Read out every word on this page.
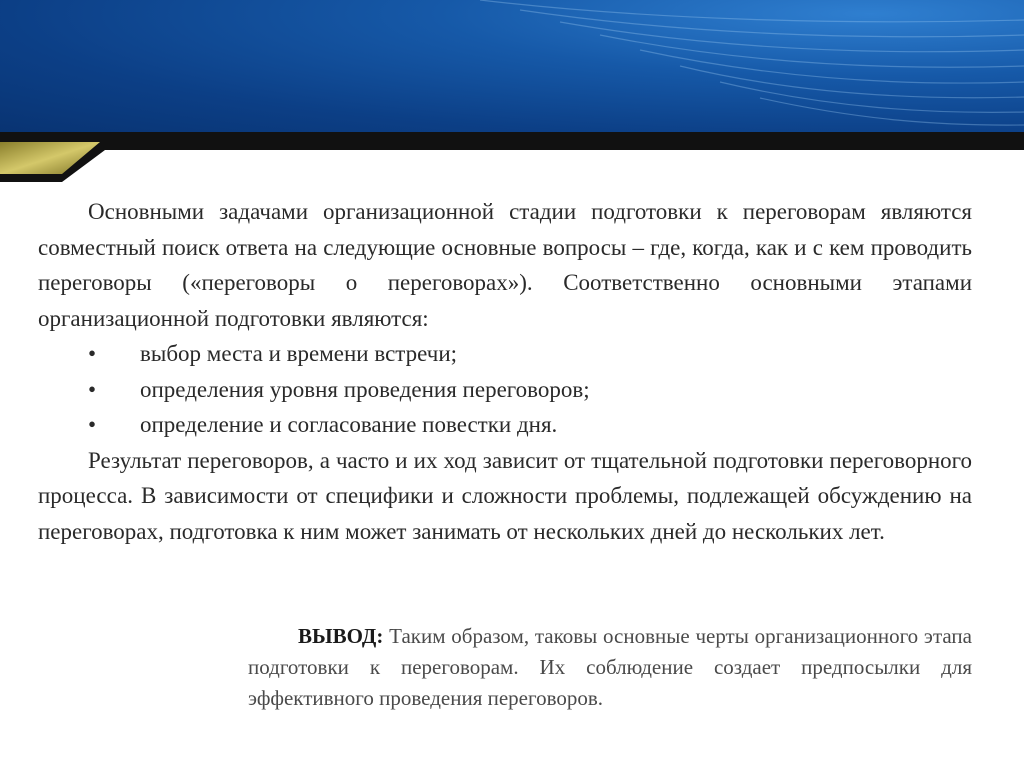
Основными задачами организационной стадии подготовки к переговорам являются совместный поиск ответа на следующие основные вопросы – где, когда, как и с кем проводить переговоры («переговоры о переговорах»). Соответственно основными этапами организационной подготовки являются:

•	выбор места и времени встречи;
•	определения уровня проведения переговоров;
•	определение и согласование повестки дня.

Результат переговоров, а часто и их ход зависит от тщательной подготовки переговорного процесса. В зависимости от специфики и сложности проблемы, подлежащей обсуждению на переговорах, подготовка к ним может занимать от нескольких дней до нескольких лет.

ВЫВОД: Таким образом, таковы основные черты организационного этапа подготовки к переговорам. Их соблюдение создает предпосылки для эффективного проведения переговоров.
